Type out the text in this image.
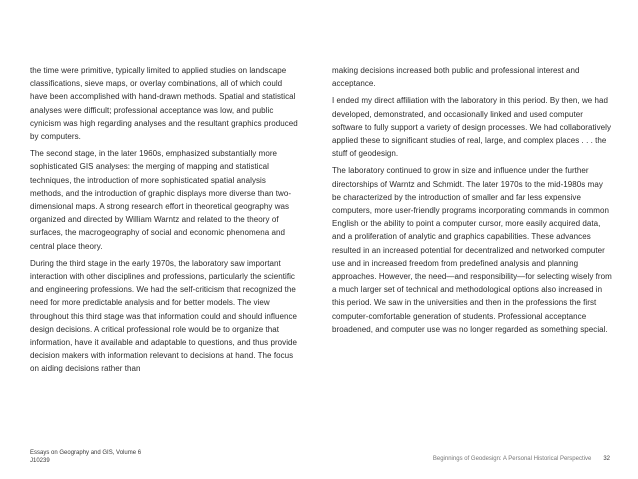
the time were primitive, typically limited to applied studies on landscape classifications, sieve maps, or overlay combinations, all of which could have been accomplished with hand-drawn methods. Spatial and statistical analyses were difficult; professional acceptance was low, and public cynicism was high regarding analyses and the resultant graphics produced by computers.

The second stage, in the later 1960s, emphasized substantially more sophisticated GIS analyses: the merging of mapping and statistical techniques, the introduction of more sophisticated spatial analysis methods, and the introduction of graphic displays more diverse than two-dimensional maps. A strong research effort in theoretical geography was organized and directed by William Warntz and related to the theory of surfaces, the macrogeography of social and economic phenomena and central place theory.

During the third stage in the early 1970s, the laboratory saw important interaction with other disciplines and professions, particularly the scientific and engineering professions. We had the self-criticism that recognized the need for more predictable analysis and for better models. The view throughout this third stage was that information could and should influence design decisions. A critical professional role would be to organize that information, have it available and adaptable to questions, and thus provide decision makers with information relevant to decisions at hand. The focus on aiding decisions rather than

making decisions increased both public and professional interest and acceptance.

I ended my direct affiliation with the laboratory in this period. By then, we had developed, demonstrated, and occasionally linked and used computer software to fully support a variety of design processes. We had collaboratively applied these to significant studies of real, large, and complex places . . . the stuff of geodesign.

The laboratory continued to grow in size and influence under the further directorships of Warntz and Schmidt. The later 1970s to the mid-1980s may be characterized by the introduction of smaller and far less expensive computers, more user-friendly programs incorporating commands in common English or the ability to point a computer cursor, more easily acquired data, and a proliferation of analytic and graphics capabilities. These advances resulted in an increased potential for decentralized and networked computer use and in increased freedom from predefined analysis and planning approaches. However, the need—and responsibility—for selecting wisely from a much larger set of technical and methodological options also increased in this period. We saw in the universities and then in the professions the first computer-comfortable generation of students. Professional acceptance broadened, and computer use was no longer regarded as something special.

Essays on Geography and GIS, Volume 6
J10239	Beginnings of Geodesign: A Personal Historical Perspective 32
